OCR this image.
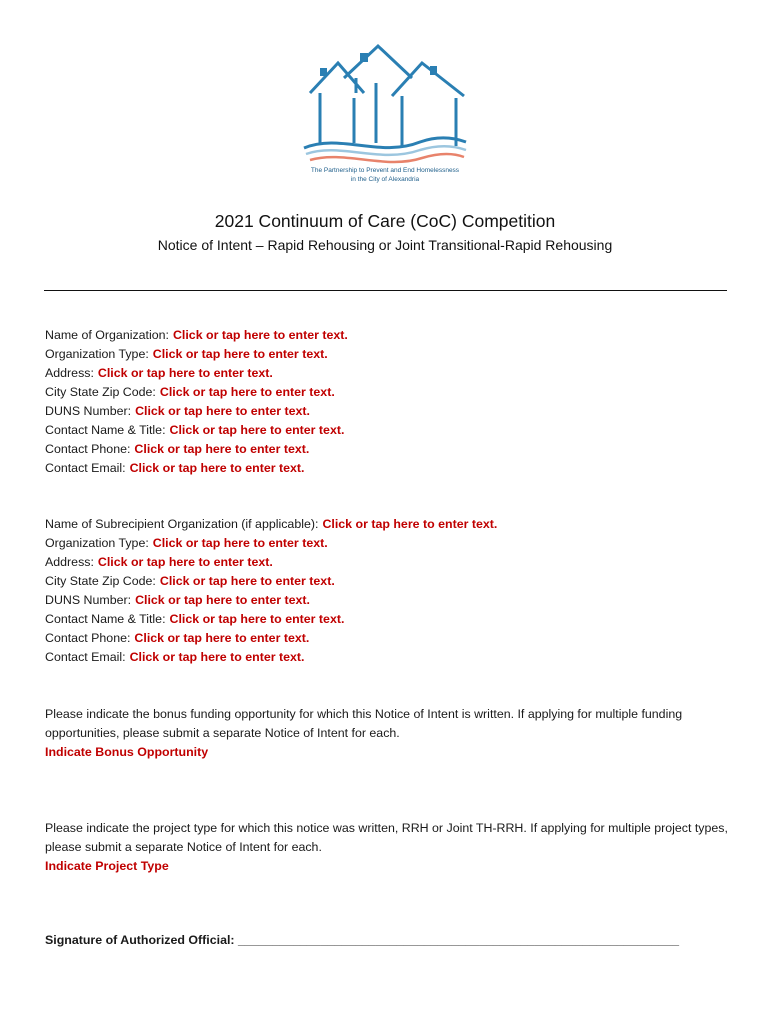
The Partnership to Prevent and End Homelessness
in the City of Alexandria
2021 Continuum of Care (CoC) Competition
Notice of Intent – Rapid Rehousing or Joint Transitional-Rapid Rehousing
Name of Organization: Click or tap here to enter text.
Organization Type: Click or tap here to enter text.
Address: Click or tap here to enter text.
City State Zip Code: Click or tap here to enter text.
DUNS Number: Click or tap here to enter text.
Contact Name & Title: Click or tap here to enter text.
Contact Phone: Click or tap here to enter text.
Contact Email: Click or tap here to enter text.
Name of Subrecipient Organization (if applicable): Click or tap here to enter text.
Organization Type: Click or tap here to enter text.
Address: Click or tap here to enter text.
City State Zip Code: Click or tap here to enter text.
DUNS Number: Click or tap here to enter text.
Contact Name & Title: Click or tap here to enter text.
Contact Phone: Click or tap here to enter text.
Contact Email: Click or tap here to enter text.
Please indicate the bonus funding opportunity for which this Notice of Intent is written. If applying for multiple funding opportunities, please submit a separate Notice of Intent for each.
Indicate Bonus Opportunity
Please indicate the project type for which this notice was written, RRH or Joint TH-RRH. If applying for multiple project types, please submit a separate Notice of Intent for each.
Indicate Project Type
Signature of Authorized Official: ________________________________________________________________
